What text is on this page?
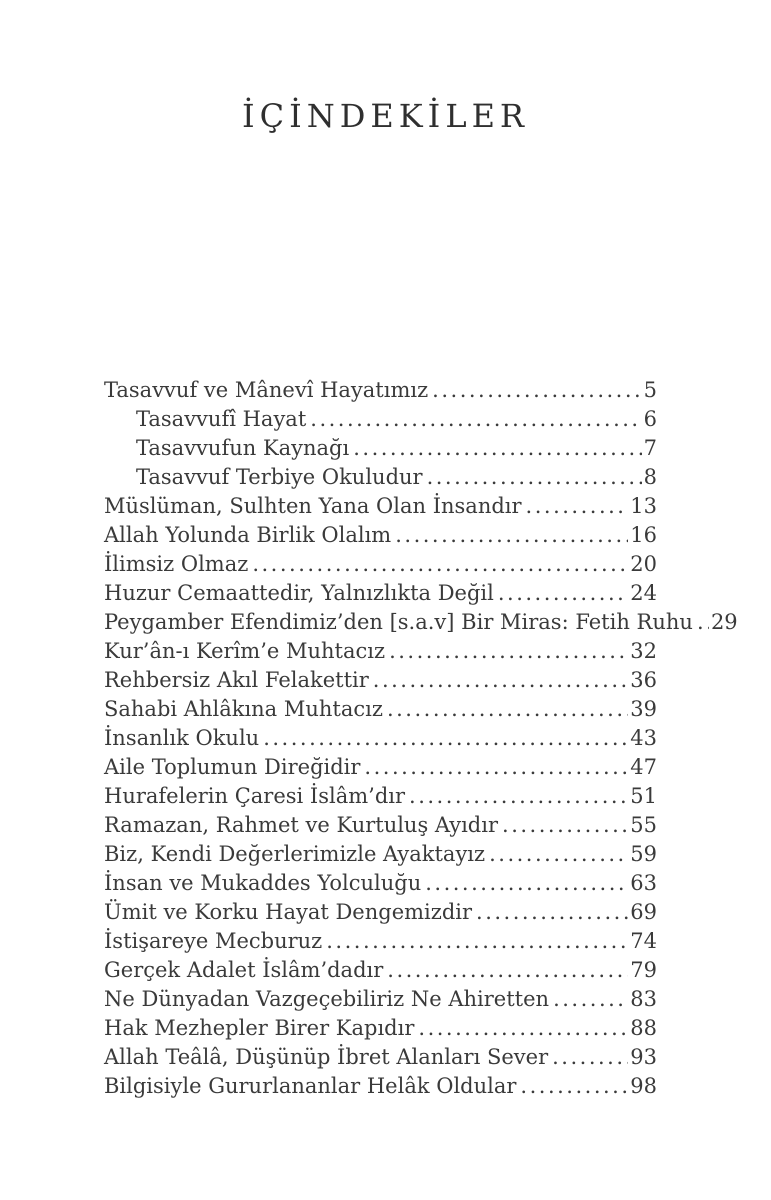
İÇİNDEKİLER
Tasavvuf ve Mânevî Hayatımız .....	5
Tasavvufî Hayat .....	6
Tasavvufun Kaynağı .....	7
Tasavvuf Terbiye Okuludur .....	8
Müslüman, Sulhten Yana Olan İnsandır .....	13
Allah Yolunda Birlik Olalım .....	16
İlimsiz Olmaz .....	20
Huzur Cemaattedir, Yalnızlıkta Değil .....	24
Peygamber Efendimiz’den [s.a.v] Bir Miras: Fetih Ruhu ..... 29
Kur’ân-ı Kerîm’e Muhtacız .....	32
Rehbersiz Akıl Felakettir .....	36
Sahabi Ahlâkına Muhtacız .....	39
İnsanlık Okulu .....	43
Aile Toplumun Direğidir .....	47
Hurafelerin Çaresi İslâm’dır .....	51
Ramazan, Rahmet ve Kurtuluş Ayıdır .....	55
Biz, Kendi Değerlerimizle Ayaktayız .....	59
İnsan ve Mukaddes Yolculuğu .....	63
Ümit ve Korku Hayat Dengemizdir .....	69
İstişareye Mecburuz .....	74
Gerçek Adalet İslâm’dadır .....	79
Ne Dünyadan Vazgeçebiliriz Ne Ahiretten .....	83
Hak Mezhepler Birer Kapıdır .....	88
Allah Teâlâ, Düşünüp İbret Alanları Sever .....	93
Bilgisiyle Gururlananlar Helâk Oldular .....	98
